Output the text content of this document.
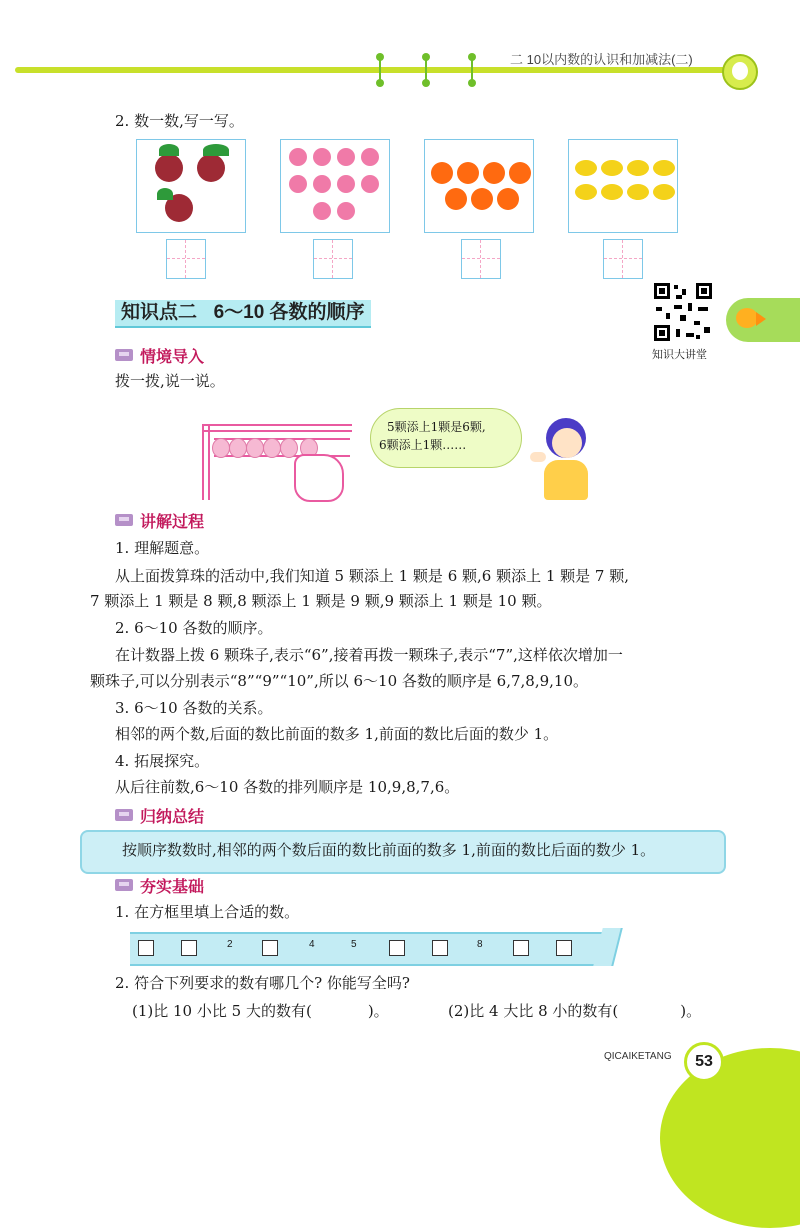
二 10以内数的认识和加减法(二)
2. 数一数,写一写。
知识点二 6～10 各数的顺序
知识大讲堂
情境导入
拨一拨,说一说。
5颗添上1颗是6颗,
6颗添上1颗……
讲解过程
1. 理解题意。
从上面拨算珠的活动中,我们知道 5 颗添上 1 颗是 6 颗,6 颗添上 1 颗是 7 颗,
7 颗添上 1 颗是 8 颗,8 颗添上 1 颗是 9 颗,9 颗添上 1 颗是 10 颗。
2. 6～10 各数的顺序。
在计数器上拨 6 颗珠子,表示“6”,接着再拨一颗珠子,表示“7”,这样依次增加一
颗珠子,可以分别表示“8”“9”“10”,所以 6～10 各数的顺序是 6,7,8,9,10。
3. 6～10 各数的关系。
相邻的两个数,后面的数比前面的数多 1,前面的数比后面的数少 1。
4. 拓展探究。
从后往前数,6～10 各数的排列顺序是 10,9,8,7,6。
归纳总结
按顺序数数时,相邻的两个数后面的数比前面的数多 1,前面的数比后面的数少 1。
夯实基础
1. 在方框里填上合适的数。
2	4	5	8
2. 符合下列要求的数有哪几个? 你能写全吗?
(1)比 10 小比 5 大的数有(	)。	(2)比 4 大比 8 小的数有(	)。
QICAIKETANG	53
